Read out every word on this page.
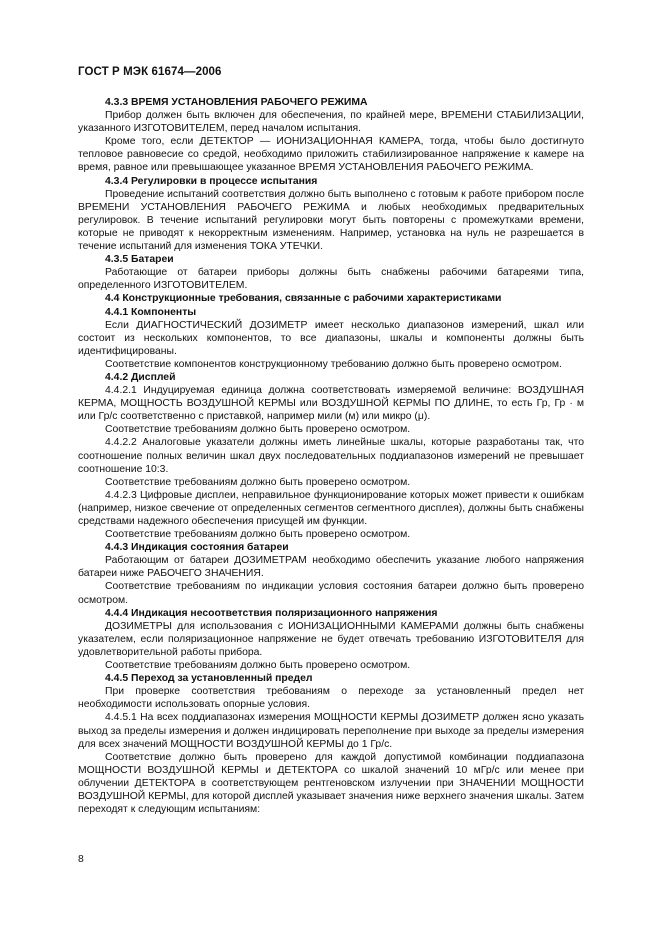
ГОСТ Р МЭК 61674—2006

4.3.3 ВРЕМЯ УСТАНОВЛЕНИЯ РАБОЧЕГО РЕЖИМА

Прибор должен быть включен для обеспечения, по крайней мере, ВРЕМЕНИ СТАБИЛИЗАЦИИ, указанного ИЗГОТОВИТЕЛЕМ, перед началом испытания.

Кроме того, если ДЕТЕКТОР — ИОНИЗАЦИОННАЯ КАМЕРА, тогда, чтобы было достигнуто тепловое равновесие со средой, необходимо приложить стабилизированное напряжение к камере на время, равное или превышающее указанное ВРЕМЯ УСТАНОВЛЕНИЯ РАБОЧЕГО РЕЖИМА.

4.3.4 Регулировки в процессе испытания

Проведение испытаний соответствия должно быть выполнено с готовым к работе прибором после ВРЕМЕНИ УСТАНОВЛЕНИЯ РАБОЧЕГО РЕЖИМА и любых необходимых предварительных регулировок. В течение испытаний регулировки могут быть повторены с промежутками времени, которые не приводят к некорректным изменениям. Например, установка на нуль не разрешается в течение испытаний для изменения ТОКА УТЕЧКИ.

4.3.5 Батареи

Работающие от батареи приборы должны быть снабжены рабочими батареями типа, определенного ИЗГОТОВИТЕЛЕМ.

4.4 Конструкционные требования, связанные с рабочими характеристиками

4.4.1 Компоненты

Если ДИАГНОСТИЧЕСКИЙ ДОЗИМЕТР имеет несколько диапазонов измерений, шкал или состоит из нескольких компонентов, то все диапазоны, шкалы и компоненты должны быть идентифицированы.

Соответствие компонентов конструкционному требованию должно быть проверено осмотром.

4.4.2 Дисплей

4.4.2.1 Индуцируемая единица должна соответствовать измеряемой величине: ВОЗДУШНАЯ КЕРМА, МОЩНОСТЬ ВОЗДУШНОЙ КЕРМЫ или ВОЗДУШНОЙ КЕРМЫ ПО ДЛИНЕ, то есть Гр, Гр · м или Гр/с соответственно с приставкой, например мили (м) или микро (μ).

Соответствие требованиям должно быть проверено осмотром.

4.4.2.2 Аналоговые указатели должны иметь линейные шкалы, которые разработаны так, что соотношение полных величин шкал двух последовательных поддиапазонов измерений не превышает соотношение 10:3.

Соответствие требованиям должно быть проверено осмотром.

4.4.2.3 Цифровые дисплеи, неправильное функционирование которых может привести к ошибкам (например, низкое свечение от определенных сегментов сегментного дисплея), должны быть снабжены средствами надежного обеспечения присущей им функции.

Соответствие требованиям должно быть проверено осмотром.

4.4.3 Индикация состояния батареи

Работающим от батареи ДОЗИМЕТРАМ необходимо обеспечить указание любого напряжения батареи ниже РАБОЧЕГО ЗНАЧЕНИЯ.

Соответствие требованиям по индикации условия состояния батареи должно быть проверено осмотром.

4.4.4 Индикация несоответствия поляризационного напряжения

ДОЗИМЕТРЫ для использования с ИОНИЗАЦИОННЫМИ КАМЕРАМИ должны быть снабжены указателем, если поляризационное напряжение не будет отвечать требованию ИЗГОТОВИТЕЛЯ для удовлетворительной работы прибора.

Соответствие требованиям должно быть проверено осмотром.

4.4.5 Переход за установленный предел

При проверке соответствия требованиям о переходе за установленный предел нет необходимости использовать опорные условия.

4.4.5.1 На всех поддиапазонах измерения МОЩНОСТИ КЕРМЫ ДОЗИМЕТР должен ясно указать выход за пределы измерения и должен индицировать переполнение при выходе за пределы измерения для всех значений МОЩНОСТИ ВОЗДУШНОЙ КЕРМЫ до 1 Гр/с.

Соответствие должно быть проверено для каждой допустимой комбинации поддиапазона МОЩНОСТИ ВОЗДУШНОЙ КЕРМЫ и ДЕТЕКТОРА со шкалой значений 10 мГр/с или менее при облучении ДЕТЕКТОРА в соответствующем рентгеновском излучении при ЗНАЧЕНИИ МОЩНОСТИ ВОЗДУШНОЙ КЕРМЫ, для которой дисплей указывает значения ниже верхнего значения шкалы. Затем переходят к следующим испытаниям:

8
